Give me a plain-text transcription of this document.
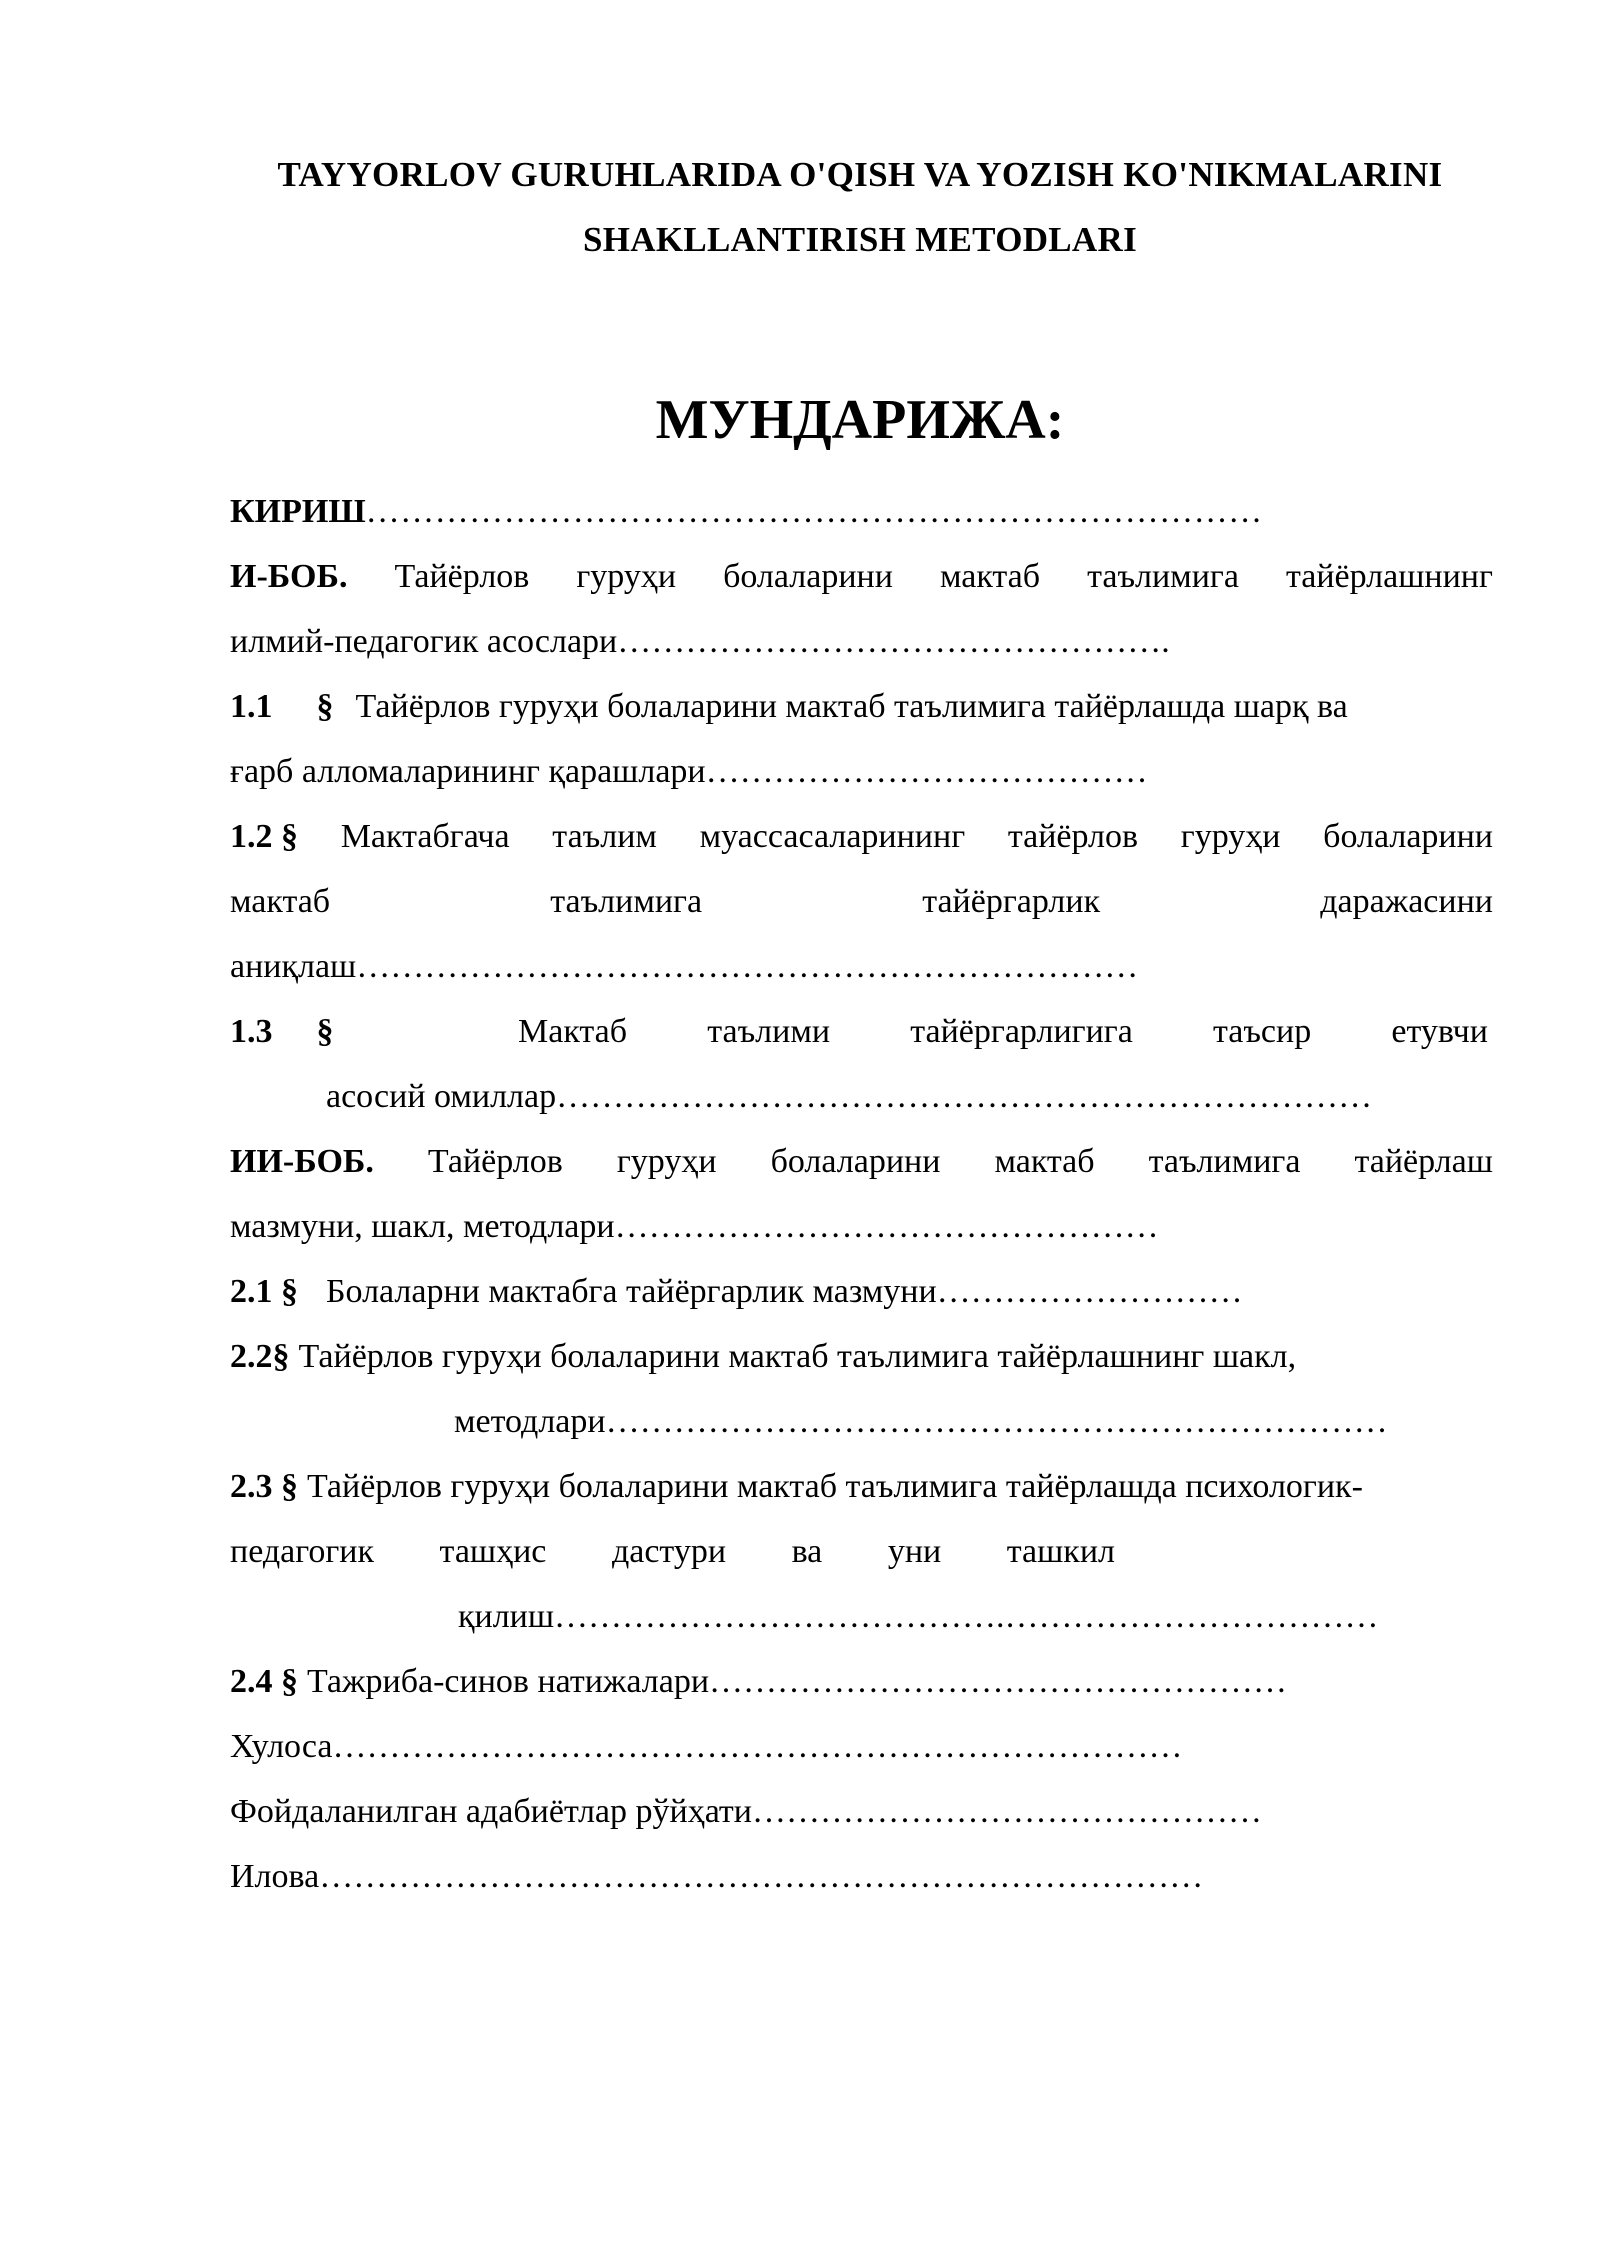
TAYYORLOV GURUHLARIDA O'QISH VA YOZISH KO'NIKMALARINI
SHAKLLANTIRISH METODLARI
МУНДАРИЖА:
КИРИШ……………………………………………………………………
И-БОБ. Тайёрлов гуруҳи болаларини мактаб таълимига тайёрлашнинг
илмий-педагогик асослари………………………………………….
1.1 § Тайёрлов гуруҳи болаларини мактаб таълимига тайёрлашда шарқ ва
ғарб алломаларининг қарашлари…………………………………
1.2 § Мактабгача таълим муассасаларининг тайёрлов гуруҳи болаларини
мактаб	таълимига	тайёргарлик	даражасини
аниқлаш……………………………………………………………
1.3 §	Мактаб таълими тайёргарлигига таъсир етувчи
асосий омиллар………………………………………………………………
ИИ-БОБ. Тайёрлов гуруҳи болаларини мактаб таълимига тайёрлаш
мазмуни, шакл, методлари…………………………………………
2.1 § Болаларни мактабга тайёргарлик мазмуни………………………
2.2§ Тайёрлов гуруҳи болаларини мактаб таълимига тайёрлашнинг шакл,
методлари……………………………………………………………
2.3 § Тайёрлов гуруҳи болаларини мактаб таълимига тайёрлашда психологик-
педагогик ташҳис дастури ва уни ташкил
қилиш………………………………….……………………………
2.4 § Тажриба-синов натижалари……………………………………………
Хулоса…………………………………………………………………
Фойдаланилган адабиётлар рўйҳати………………………………………
Илова……………………………………………………………………
